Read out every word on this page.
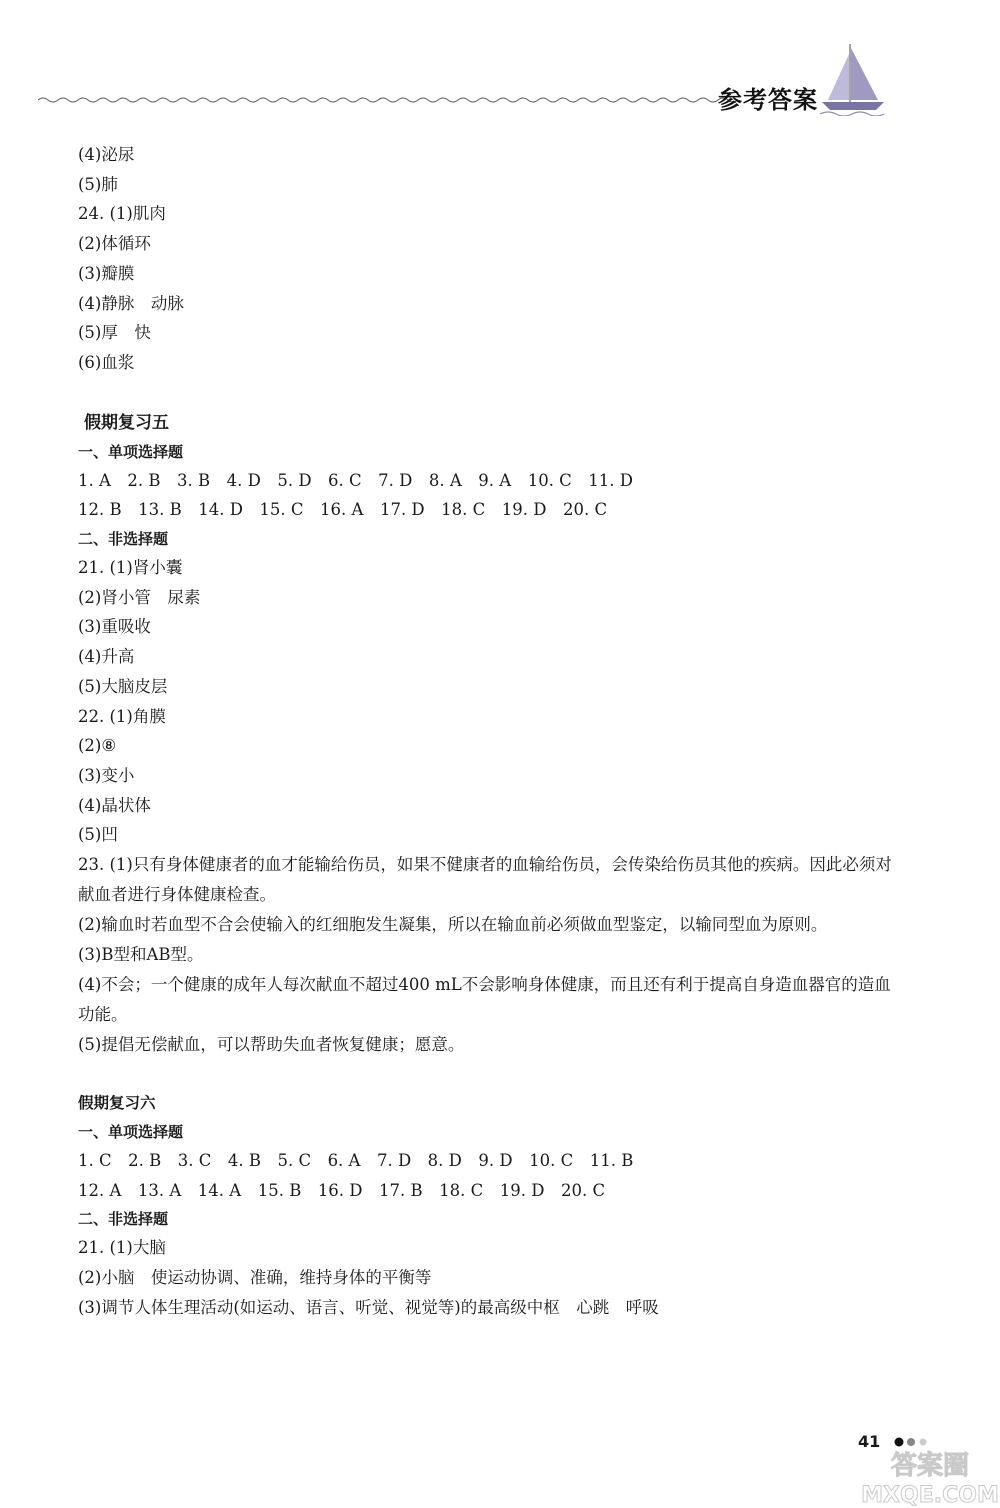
参考答案
(4)泌尿
(5)肺
24. (1)肌肉
(2)体循环
(3)瓣膜
(4)静脉　动脉
(5)厚　快
(6)血浆
假期复习五
一、单项选择题
1. A　2. B　3. B　4. D　5. D　6. C　7. D　8. A　9. A　10. C　11. D
12. B　13. B　14. D　15. C　16. A　17. D　18. C　19. D　20. C
二、非选择题
21. (1)肾小囊
(2)肾小管　尿素
(3)重吸收
(4)升高
(5)大脑皮层
22. (1)角膜
(2)⑧
(3)变小
(4)晶状体
(5)凹
23. (1)只有身体健康者的血才能输给伤员，如果不健康者的血输给伤员，会传染给伤员其他的疾病。因此必须对献血者进行身体健康检查。
(2)输血时若血型不合会使输入的红细胞发生凝集，所以在输血前必须做血型鉴定，以输同型血为原则。
(3)B型和AB型。
(4)不会；一个健康的成年人每次献血不超过400 mL不会影响身体健康，而且还有利于提高自身造血器官的造血功能。
(5)提倡无偿献血，可以帮助失血者恢复健康；愿意。
假期复习六
一、单项选择题
1. C　2. B　3. C　4. B　5. C　6. A　7. D　8. D　9. D　10. C　11. B
12. A　13. A　14. A　15. B　16. D　17. B　18. C　19. D　20. C
二、非选择题
21. (1)大脑
(2)小脑　使运动协调、准确，维持身体的平衡等
(3)调节人体生理活动(如运动、语言、听觉、视觉等)的最高级中枢　心跳　呼吸
41
答案圈
MXQE.COM
